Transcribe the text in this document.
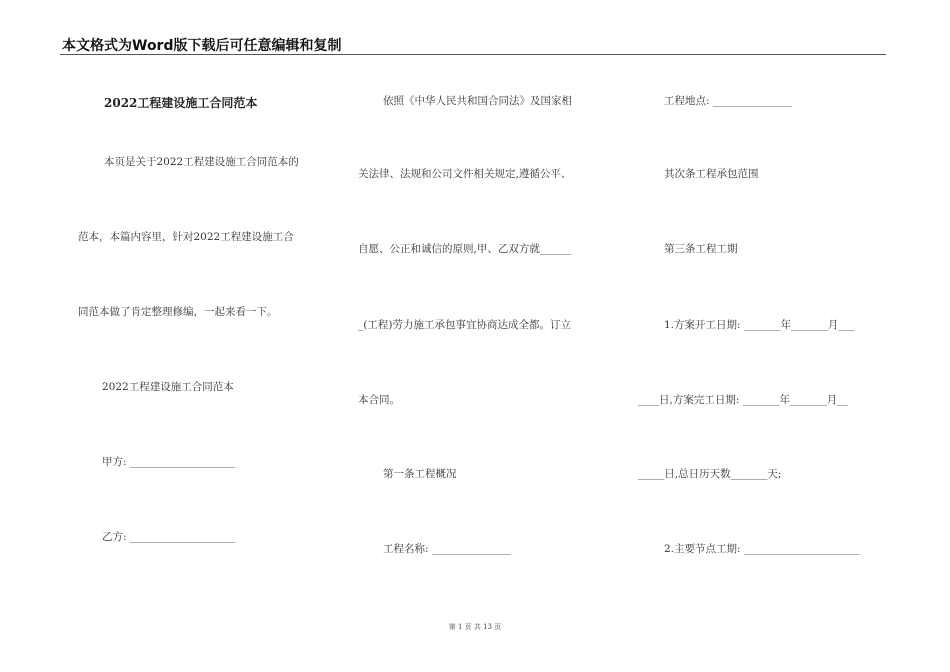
本文格式为Word版下载后可任意编辑和复制
2022工程建设施工合同范本
本页是关于2022工程建设施工合同范本的
范本，本篇内容里，针对2022工程建设施工合
同范本做了肯定整理修编，一起来看一下。
2022工程建设施工合同范本
甲方: ____________________
乙方: ____________________
依照《中华人民共和国合同法》及国家相
关法律、法规和公司文件相关规定,遵循公平、
自愿、公正和诚信的原则,甲、乙双方就______
_(工程)劳力施工承包事宜协商达成全都。订立
本合同。
第一条工程概况
工程名称: _______________
工程地点: _______________
其次条工程承包范围
第三条工程工期
1.方案开工日期: _______年_______月___
____日,方案完工日期: _______年_______月__
_____日,总日历天数_______天;
2.主要节点工期: ______________________
第 1 页 共 13 页
